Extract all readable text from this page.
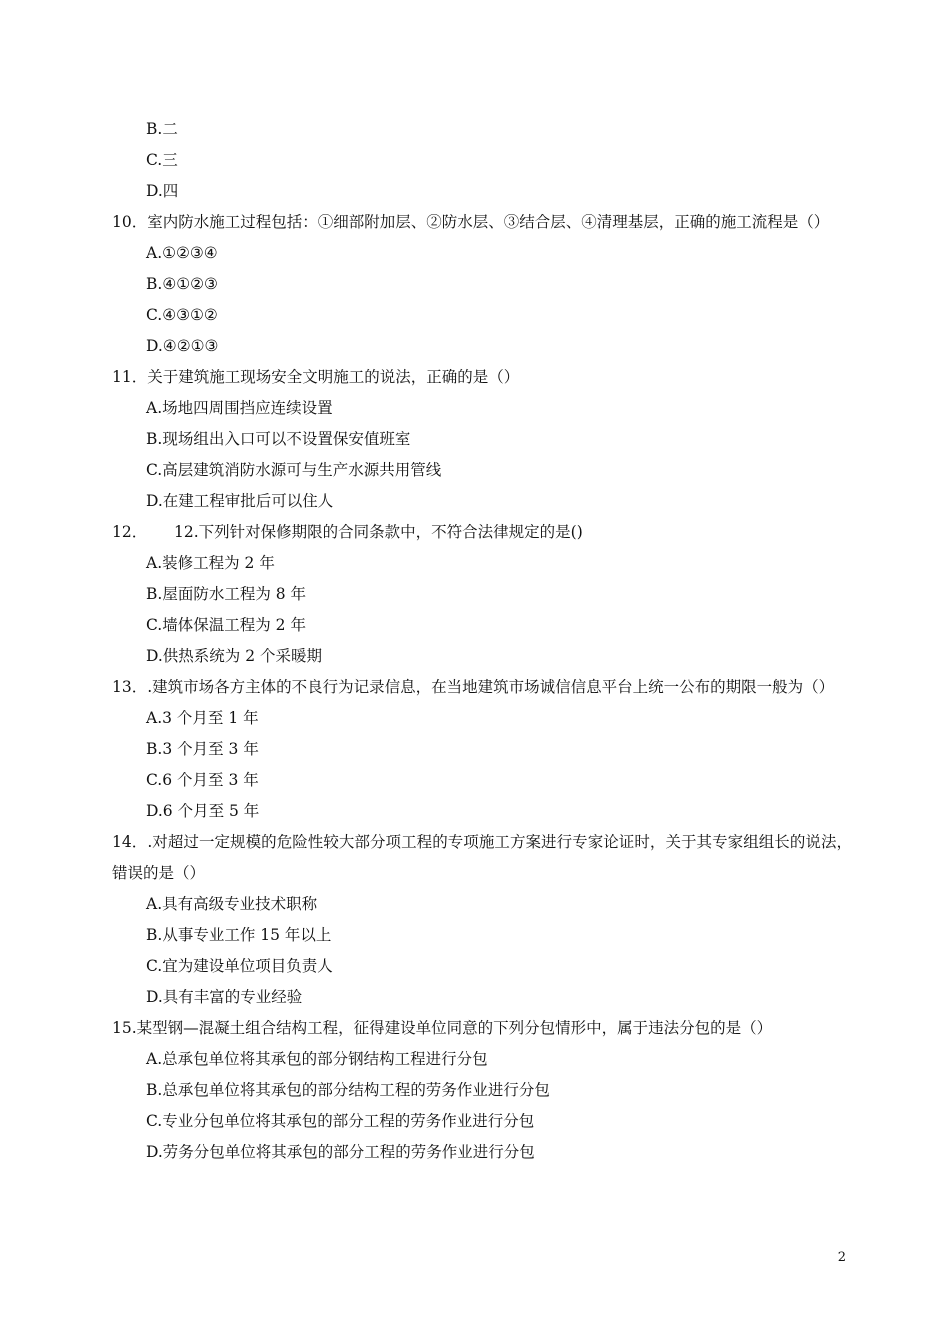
B.二
C.三
D.四
10．室内防水施工过程包括：①细部附加层、②防水层、③结合层、④清理基层，正确的施工流程是（）
A.①②③④
B.④①②③
C.④③①②
D.④②①③
11．关于建筑施工现场安全文明施工的说法，正确的是（）
A.场地四周围挡应连续设置
B.现场组出入口可以不设置保安值班室
C.高层建筑消防水源可与生产水源共用管线
D.在建工程审批后可以住人
12． 12.下列针对保修期限的合同条款中，不符合法律规定的是()
A.装修工程为 2 年
B.屋面防水工程为 8 年
C.墙体保温工程为 2 年
D.供热系统为 2 个采暖期
13．.建筑市场各方主体的不良行为记录信息，在当地建筑市场诚信信息平台上统一公布的期限一般为（）
A.3 个月至 1 年
B.3 个月至 3 年
C.6 个月至 3 年
D.6 个月至 5 年
14．.对超过一定规模的危险性较大部分项工程的专项施工方案进行专家论证时，关于其专家组组长的说法，错误的是（）
A.具有高级专业技术职称
B.从事专业工作 15 年以上
C.宜为建设单位项目负责人
D.具有丰富的专业经验
15.某型钢—混凝土组合结构工程，征得建设单位同意的下列分包情形中，属于违法分包的是（）
A.总承包单位将其承包的部分钢结构工程进行分包
B.总承包单位将其承包的部分结构工程的劳务作业进行分包
C.专业分包单位将其承包的部分工程的劳务作业进行分包
D.劳务分包单位将其承包的部分工程的劳务作业进行分包
2
